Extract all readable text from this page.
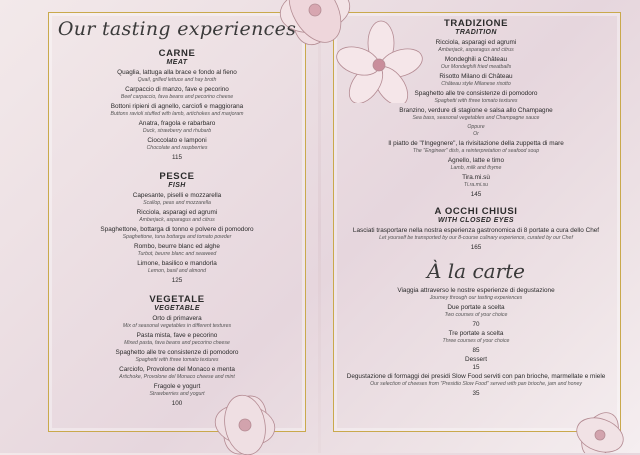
Our tasting experiences
CARNE
MEAT
Quaglia, lattuga alla brace e fondo al fieno
Quail, grilled lettuce and hay broth
Carpaccio di manzo, fave e pecorino
Beef carpaccio, fava beans and pecorino cheese
Bottoni ripieni di agnello, carciofi e maggiorana
Buttons ravioli stuffed with lamb, artichokes and marjoram
Anatra, fragola e rabarbaro
Duck, strawberry and rhubarb
Cioccolato e lamponi
Chocolate and raspberries
115
PESCE
FISH
Capesante, piselli e mozzarella
Scallop, peas and mozzarella
Ricciola, asparagi ed agrumi
Amberjack, asparagus and citrus
Spaghettone, bottarga di tonno e polvere di pomodoro
Spaghettone, tuna bottarga and tomato powder
Rombo, beurre blanc ed alghe
Turbot, beurre blanc and seaweed
Limone, basilico e mandorla
Lemon, basil and almond
125
VEGETALE
VEGETABLE
Orto di primavera
Mix of seasonal vegetables in different textures
Pasta mista, fave e pecorino
Mixed pasta, fava beans and pecorino cheese
Spaghetto alle tre consistenze di pomodoro
Spaghetti with three tomato textures
Carciofo, Provolone del Monaco e menta
Artichoke, Provolone del Monaco cheese and mint
Fragole e yogurt
Strawberries and yogurt
100
TRADIZIONE
TRADITION
Ricciola, asparagi ed agrumi
Amberjack, asparagus and citrus
Mondeghili a Château
Our Mondeghili fried meatballs
Risotto Milano di Château
Château style Milanese risotto
Spaghetto alle tre consistenze di pomodoro
Spaghetti with three tomato textures
Branzino, verdure di stagione e salsa allo Champagne
Sea bass, seasonal vegetables and Champagne sauce
Oppure
Or
Il piatto de "l'Ingegnere", la rivisitazione della zuppetta di mare
The "Engineer" dish, a reinterpretation of seafood soup
Agnello, latte e timo
Lamb, milk and thyme
Tira.mi.sù
Ti.ra.mi.su
145
A OCCHI CHIUSI
WITH CLOSED EYES
Lasciati trasportare nella nostra esperienza gastronomica di 8 portate a cura dello Chef
Let yourself be transported by our 8-course culinary experience, curated by our Chef
165
À la carte
Viaggia attraverso le nostre esperienze di degustazione
Journey through our tasting experiences
Due portate a scelta
Two courses of your choice
70
Tre portate a scelta
Three courses of your choice
85
Dessert
15
Degustazione di formaggi dei presidi Slow Food serviti con pan brioche, marmellate e miele
Our selection of cheeses from "Presidio Slow Food" served with pan brioche, jam and honey
35
